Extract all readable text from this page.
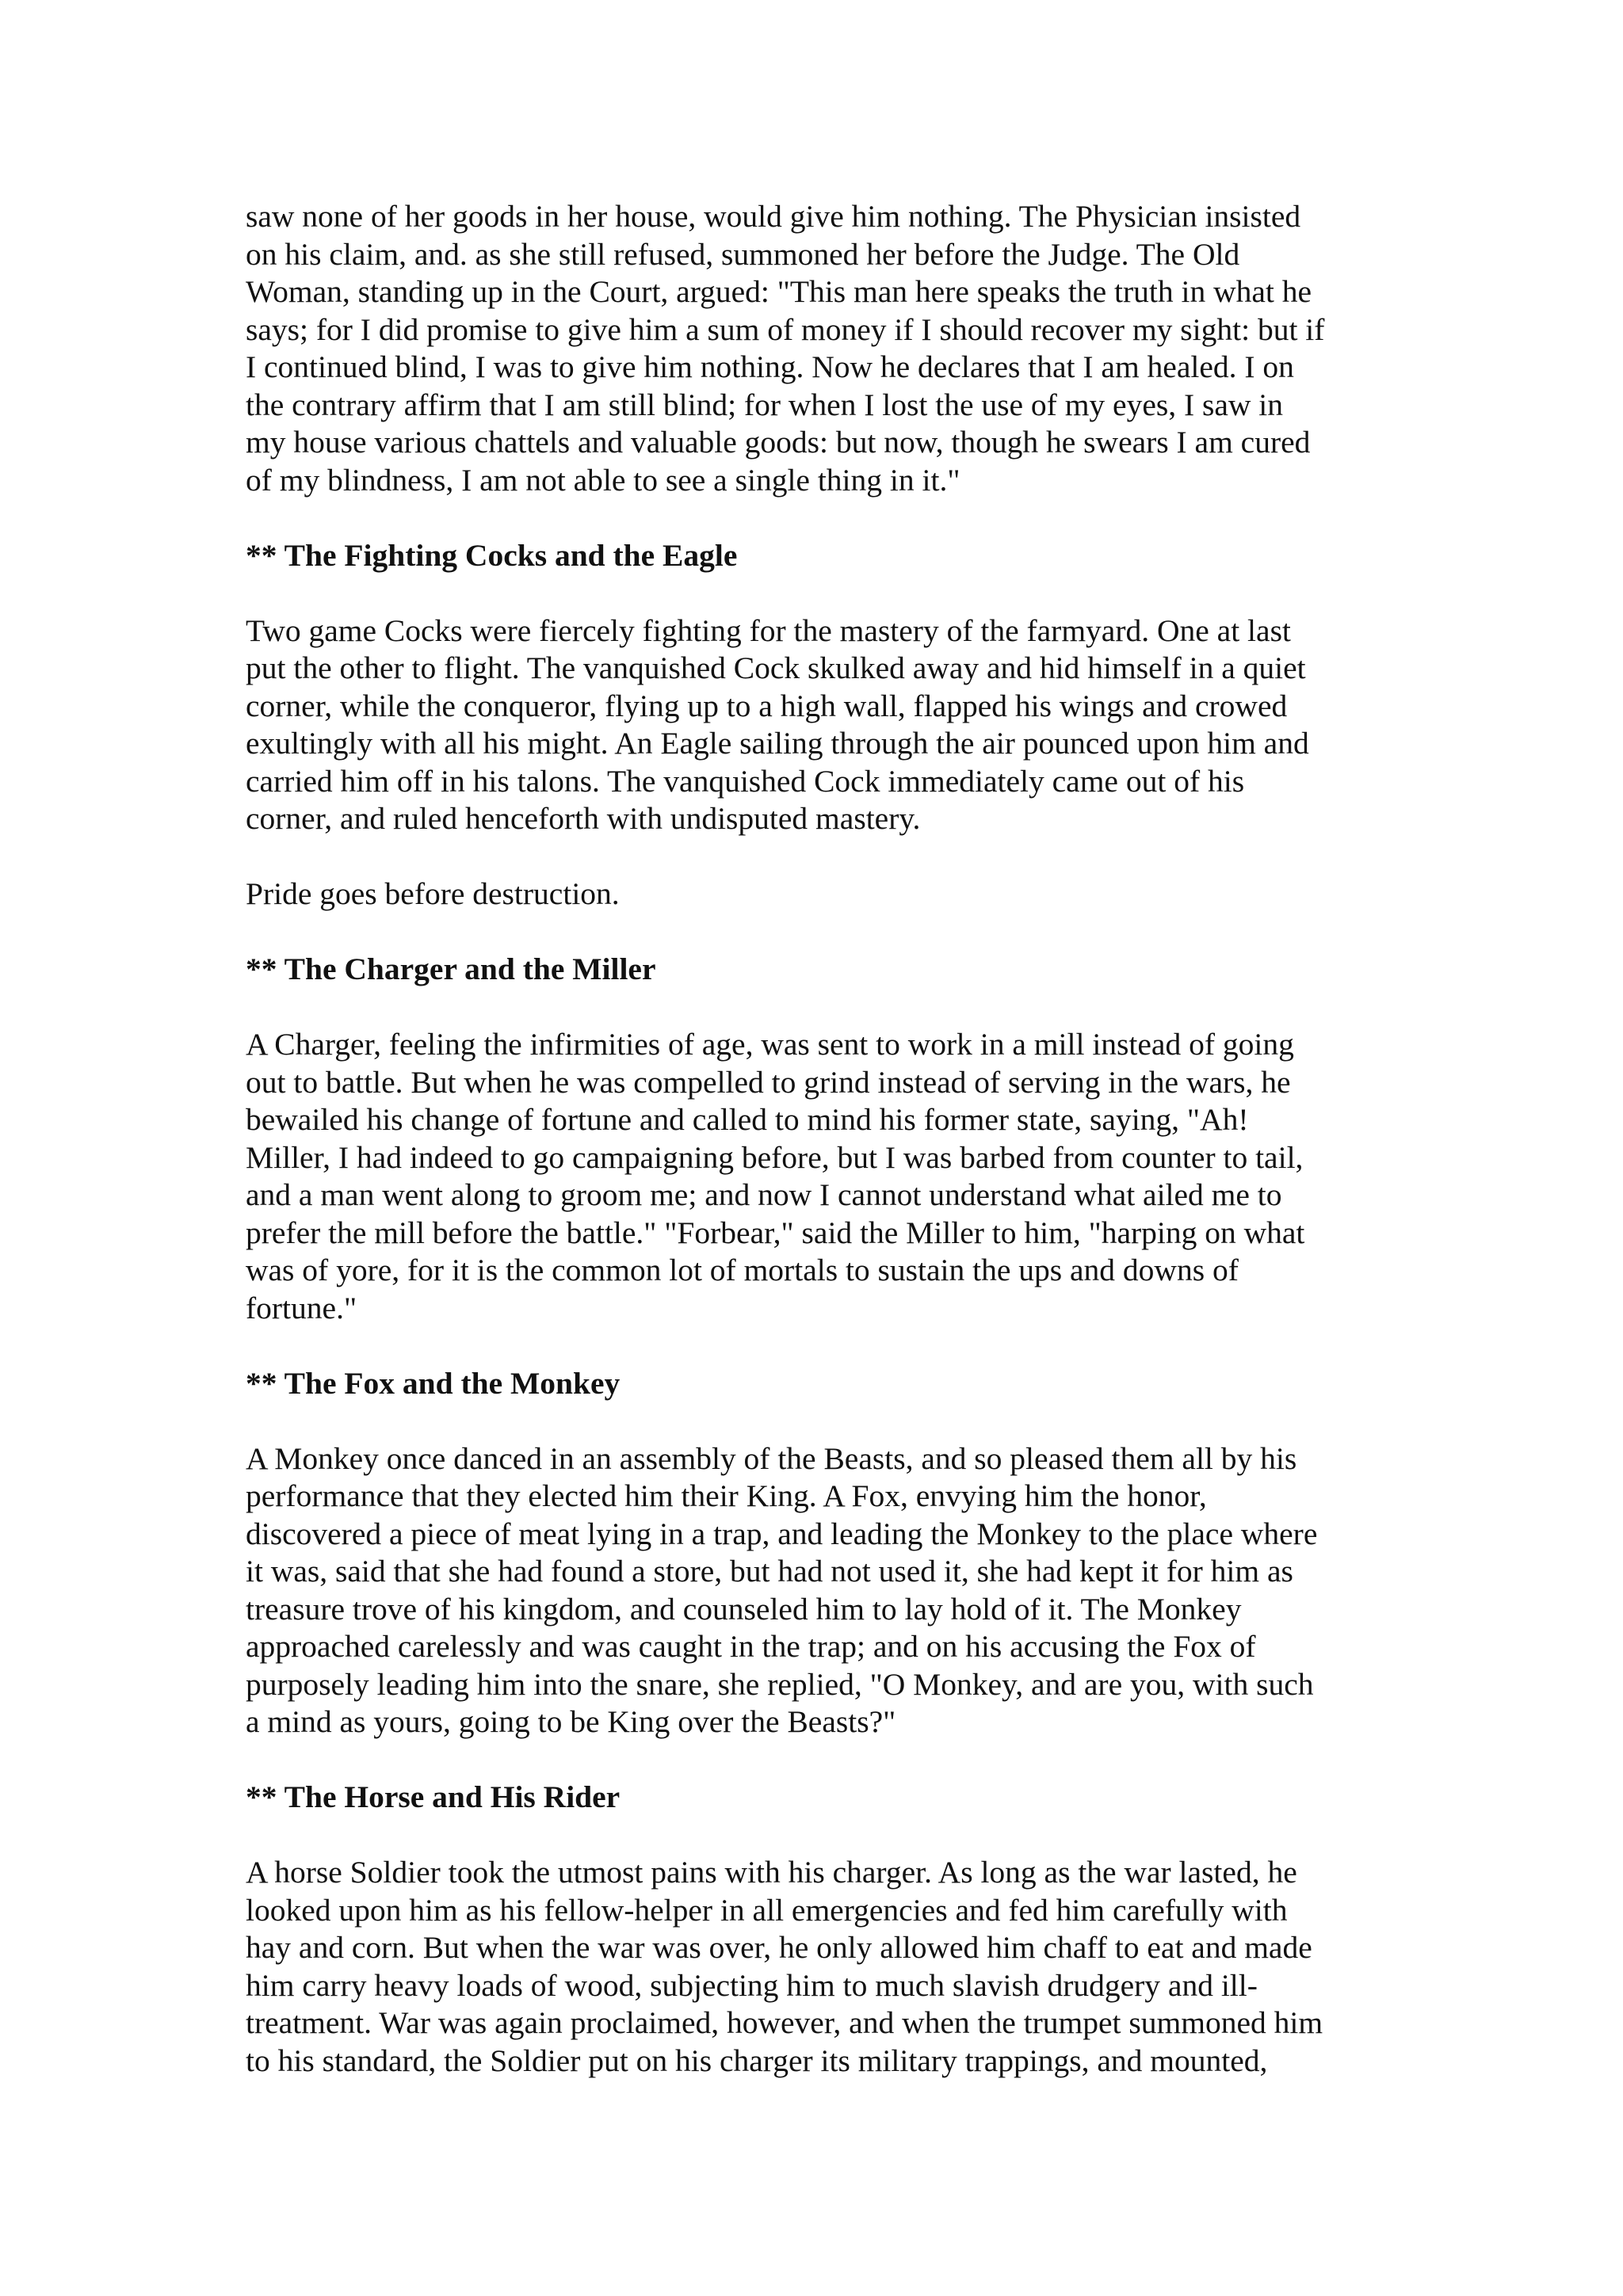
saw none of her goods in her house, would give him nothing. The Physician insisted
on his claim, and. as she still refused, summoned her before the Judge. The Old
Woman, standing up in the Court, argued: "This man here speaks the truth in what he
says; for I did promise to give him a sum of money if I should recover my sight: but if
I continued blind, I was to give him nothing. Now he declares that I am healed. I on
the contrary affirm that I am still blind; for when I lost the use of my eyes, I saw in
my house various chattels and valuable goods: but now, though he swears I am cured
of my blindness, I am not able to see a single thing in it."
** The Fighting Cocks and the Eagle
Two game Cocks were fiercely fighting for the mastery of the farmyard. One at last
put the other to flight. The vanquished Cock skulked away and hid himself in a quiet
corner, while the conqueror, flying up to a high wall, flapped his wings and crowed
exultingly with all his might. An Eagle sailing through the air pounced upon him and
carried him off in his talons. The vanquished Cock immediately came out of his
corner, and ruled henceforth with undisputed mastery.
Pride goes before destruction.
** The Charger and the Miller
A Charger, feeling the infirmities of age, was sent to work in a mill instead of going
out to battle. But when he was compelled to grind instead of serving in the wars, he
bewailed his change of fortune and called to mind his former state, saying, "Ah!
Miller, I had indeed to go campaigning before, but I was barbed from counter to tail,
and a man went along to groom me; and now I cannot understand what ailed me to
prefer the mill before the battle." "Forbear," said the Miller to him, "harping on what
was of yore, for it is the common lot of mortals to sustain the ups and downs of
fortune."
** The Fox and the Monkey
A Monkey once danced in an assembly of the Beasts, and so pleased them all by his
performance that they elected him their King. A Fox, envying him the honor,
discovered a piece of meat lying in a trap, and leading the Monkey to the place where
it was, said that she had found a store, but had not used it, she had kept it for him as
treasure trove of his kingdom, and counseled him to lay hold of it. The Monkey
approached carelessly and was caught in the trap; and on his accusing the Fox of
purposely leading him into the snare, she replied, "O Monkey, and are you, with such
a mind as yours, going to be King over the Beasts?"
** The Horse and His Rider
A horse Soldier took the utmost pains with his charger. As long as the war lasted, he
looked upon him as his fellow-helper in all emergencies and fed him carefully with
hay and corn. But when the war was over, he only allowed him chaff to eat and made
him carry heavy loads of wood, subjecting him to much slavish drudgery and ill-
treatment. War was again proclaimed, however, and when the trumpet summoned him
to his standard, the Soldier put on his charger its military trappings, and mounted,
